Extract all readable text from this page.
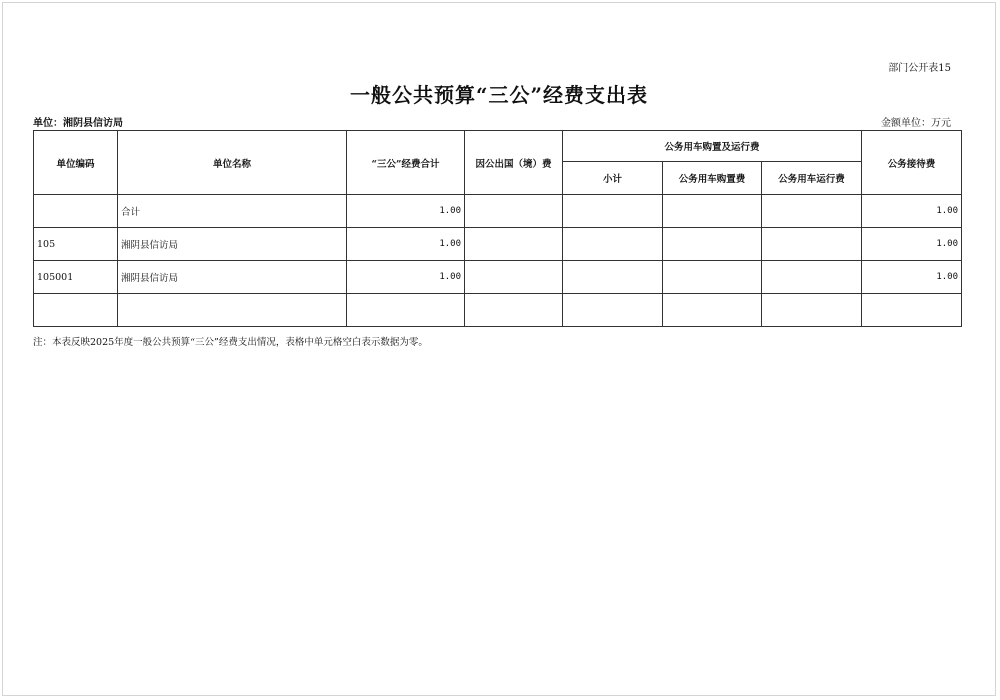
部门公开表15
一般公共预算“三公”经费支出表
单位：湘阴县信访局	金额单位：万元
单位编码	单位名称	“三公”经费合计	因公出国（境）费	公务用车购置及运行费			公务接待费
				小计	公务用车购置费	公务用车运行费	
	合计	1.00					1.00
105	湘阴县信访局	1.00					1.00
105001	湘阴县信访局	1.00					1.00

注：本表反映2025年度一般公共预算“三公”经费支出情况，表格中单元格空白表示数据为零。
